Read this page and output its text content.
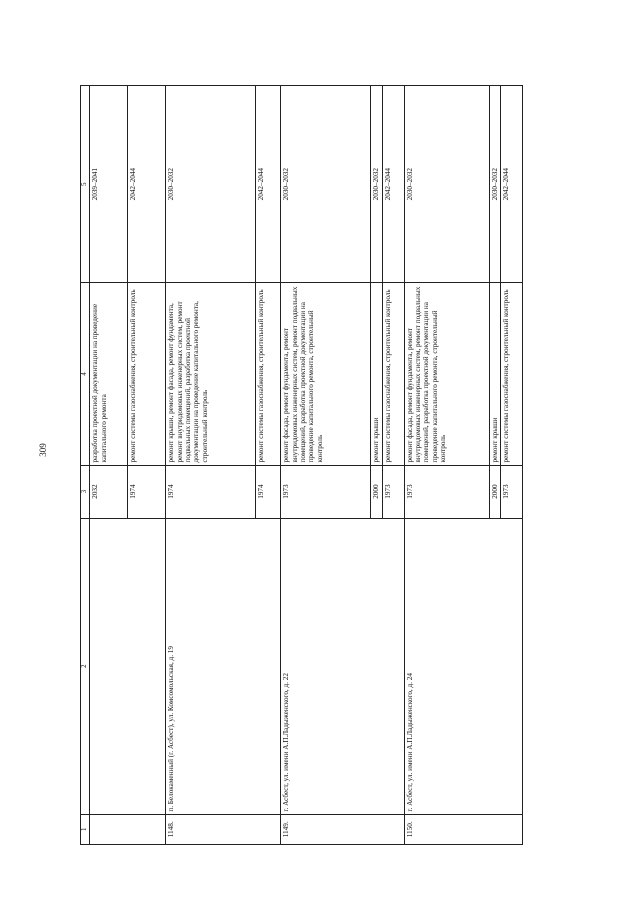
309
1	2	3	4	5
		2032	разработка проектной документации на проведение капитального ремонта	2039–2041
		1974	ремонт системы газоснабжения, строительный контроль	2042–2044
1148.	п. Белокаменный (г. Асбест), ул. Комсомольская, д. 19	1974	ремонт крыши, ремонт фасада, ремонт фундамента, ремонт внутридомовых инженерных систем, ремонт подвальных помещений, разработка проектной документации на проведение капитального ремонта, строительный контроль	2030–2032
		1974	ремонт системы газоснабжения, строительный контроль	2042–2044
1149.	г. Асбест, ул. имени А.П.Ладыженского, д. 22	1973	ремонт фасада, ремонт фундамента, ремонт внутридомовых инженерных систем, ремонт подвальных помещений, разработка проектной документации на проведение капитального ремонта, строительный контроль	2030–2032
		2000	ремонт крыши	2030–2032
		1973	ремонт системы газоснабжения, строительный контроль	2042–2044
1150.	г. Асбест, ул. имени А.П.Ладыженского, д. 24	1973	ремонт фасада, ремонт фундамента, ремонт внутридомовых инженерных систем, ремонт подвальных помещений, разработка проектной документации на проведение капитального ремонта, строительный контроль	2030–2032
		2000	ремонт крыши	2030–2032
		1973	ремонт системы газоснабжения, строительный контроль	2042–2044
